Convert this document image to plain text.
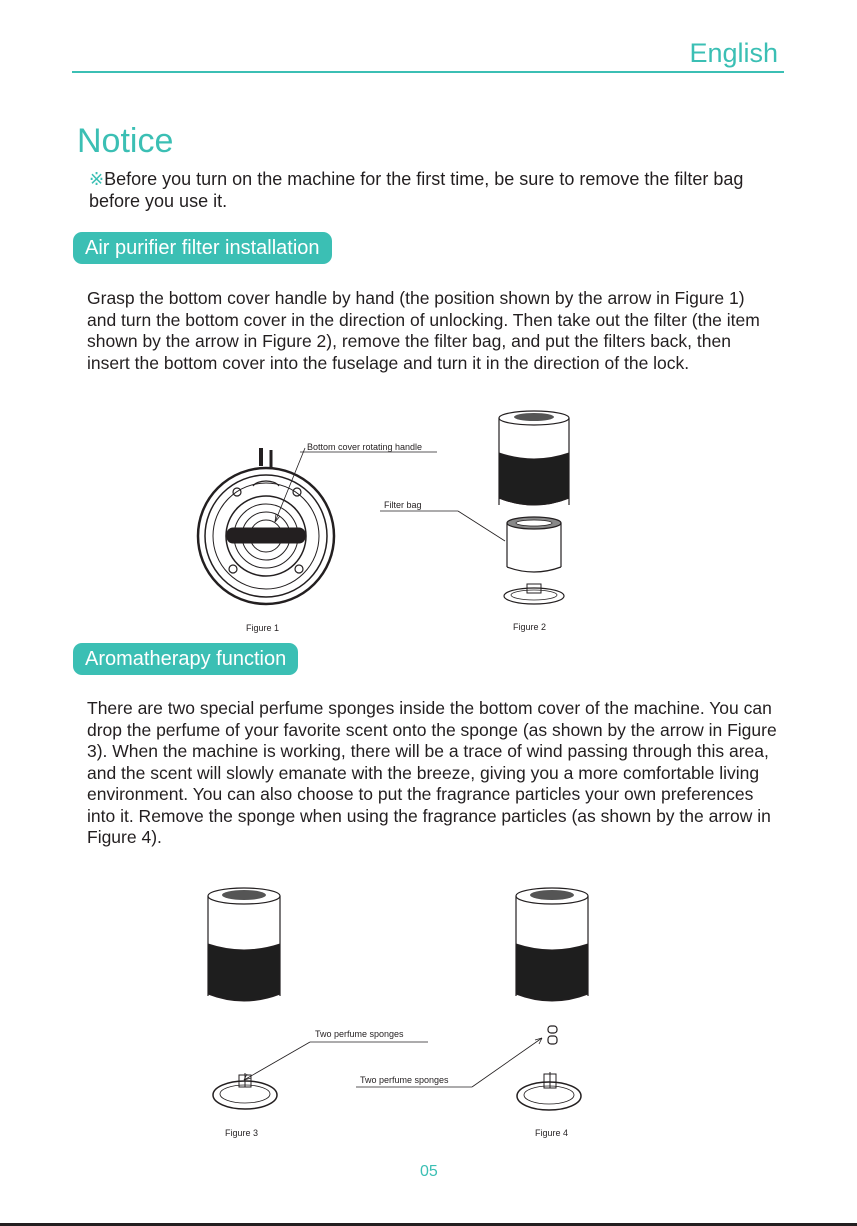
English
Notice
※Before you turn on the machine for the first time, be sure to remove the filter bag before you use it.
Air purifier filter installation
Grasp the bottom cover handle by hand (the position shown by the arrow in Figure 1) and turn the bottom cover in the direction of unlocking. Then take out the filter (the item shown by the arrow in Figure 2), remove the filter bag, and put the filters back, then insert the bottom cover into the fuselage and turn it in the direction of the lock.
Bottom cover rotating handle
Figure 1
Filter bag
Figure 2
Aromatherapy function
There are two special perfume sponges inside the bottom cover of the machine. You can drop the perfume of your favorite scent onto the sponge (as shown by the arrow in Figure 3). When the machine is working, there will be a trace of wind passing through this area, and the scent will slowly emanate with the breeze, giving you a more comfortable living environment. You can also choose to put the fragrance particles your own preferences into it. Remove the sponge when using the fragrance particles (as shown by the arrow in Figure 4).
Two perfume sponges
Figure 3
Two perfume sponges
Figure 4
05
